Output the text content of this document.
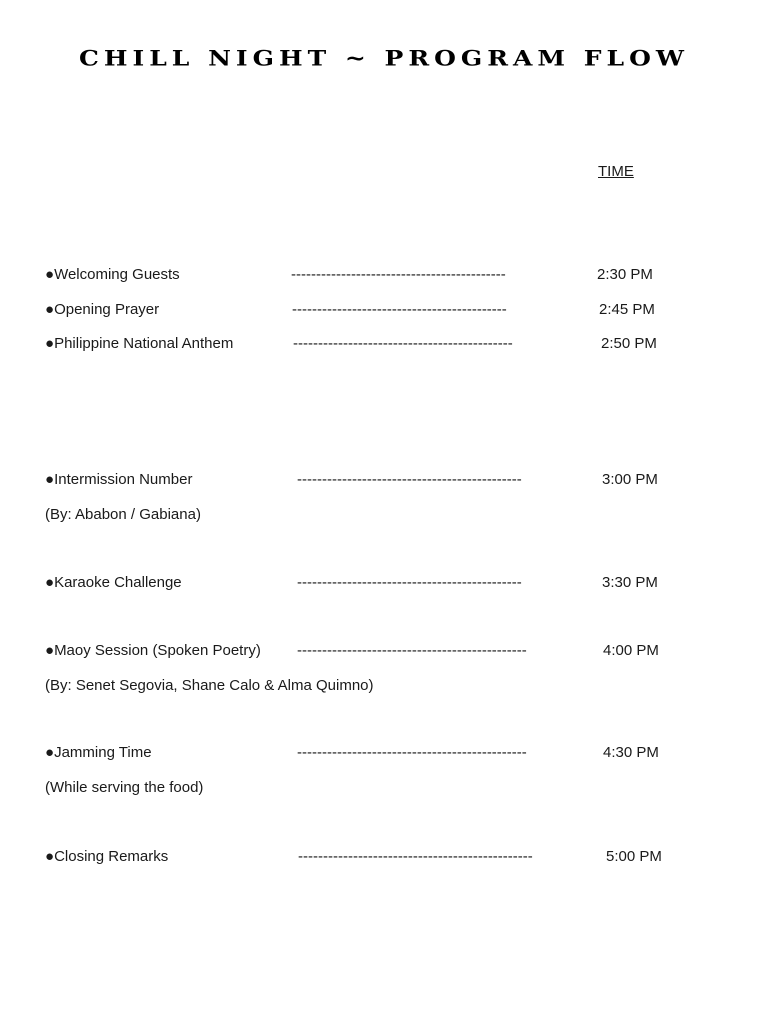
CHILL NIGHT ~ PROGRAM FLOW
TIME
●Welcoming Guests	-------------------------------------------	2:30 PM
●Opening Prayer	-------------------------------------------	2:45 PM
●Philippine National Anthem	--------------------------------------------	2:50 PM
●Intermission Number	---------------------------------------------	3:00 PM
(By: Ababon / Gabiana)
●Karaoke Challenge	---------------------------------------------	3:30 PM
●Maoy Session (Spoken Poetry) ----------------------------------------------	4:00 PM
(By: Senet Segovia, Shane Calo & Alma Quimno)
●Jamming Time	----------------------------------------------	4:30 PM
(While serving the food)
●Closing Remarks	-----------------------------------------------	5:00 PM
